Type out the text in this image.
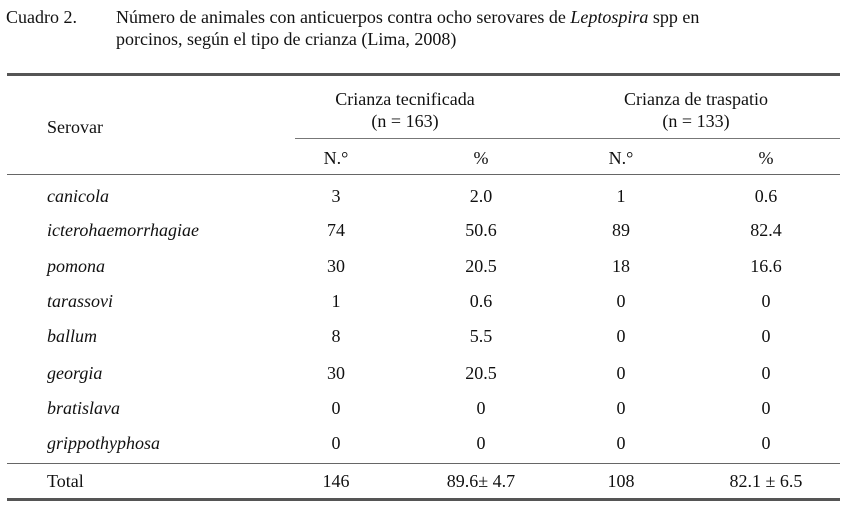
Cuadro 2. Número de animales con anticuerpos contra ocho serovares de Leptospira spp en
porcinos, según el tipo de crianza (Lima, 2008)
Serovar
Crianza tecnificada
(n = 163)
Crianza de traspatio
(n = 133)
N.°	%	N.°	%
canicola	3	2.0	1	0.6
icterohaemorrhagiae	74	50.6	89	82.4
pomona	30	20.5	18	16.6
tarassovi	1	0.6	0	0
ballum	8	5.5	0	0
georgia	30	20.5	0	0
bratislava	0	0	0	0
grippothyphosa	0	0	0	0
Total	146	89.6± 4.7	108	82.1 ± 6.5
